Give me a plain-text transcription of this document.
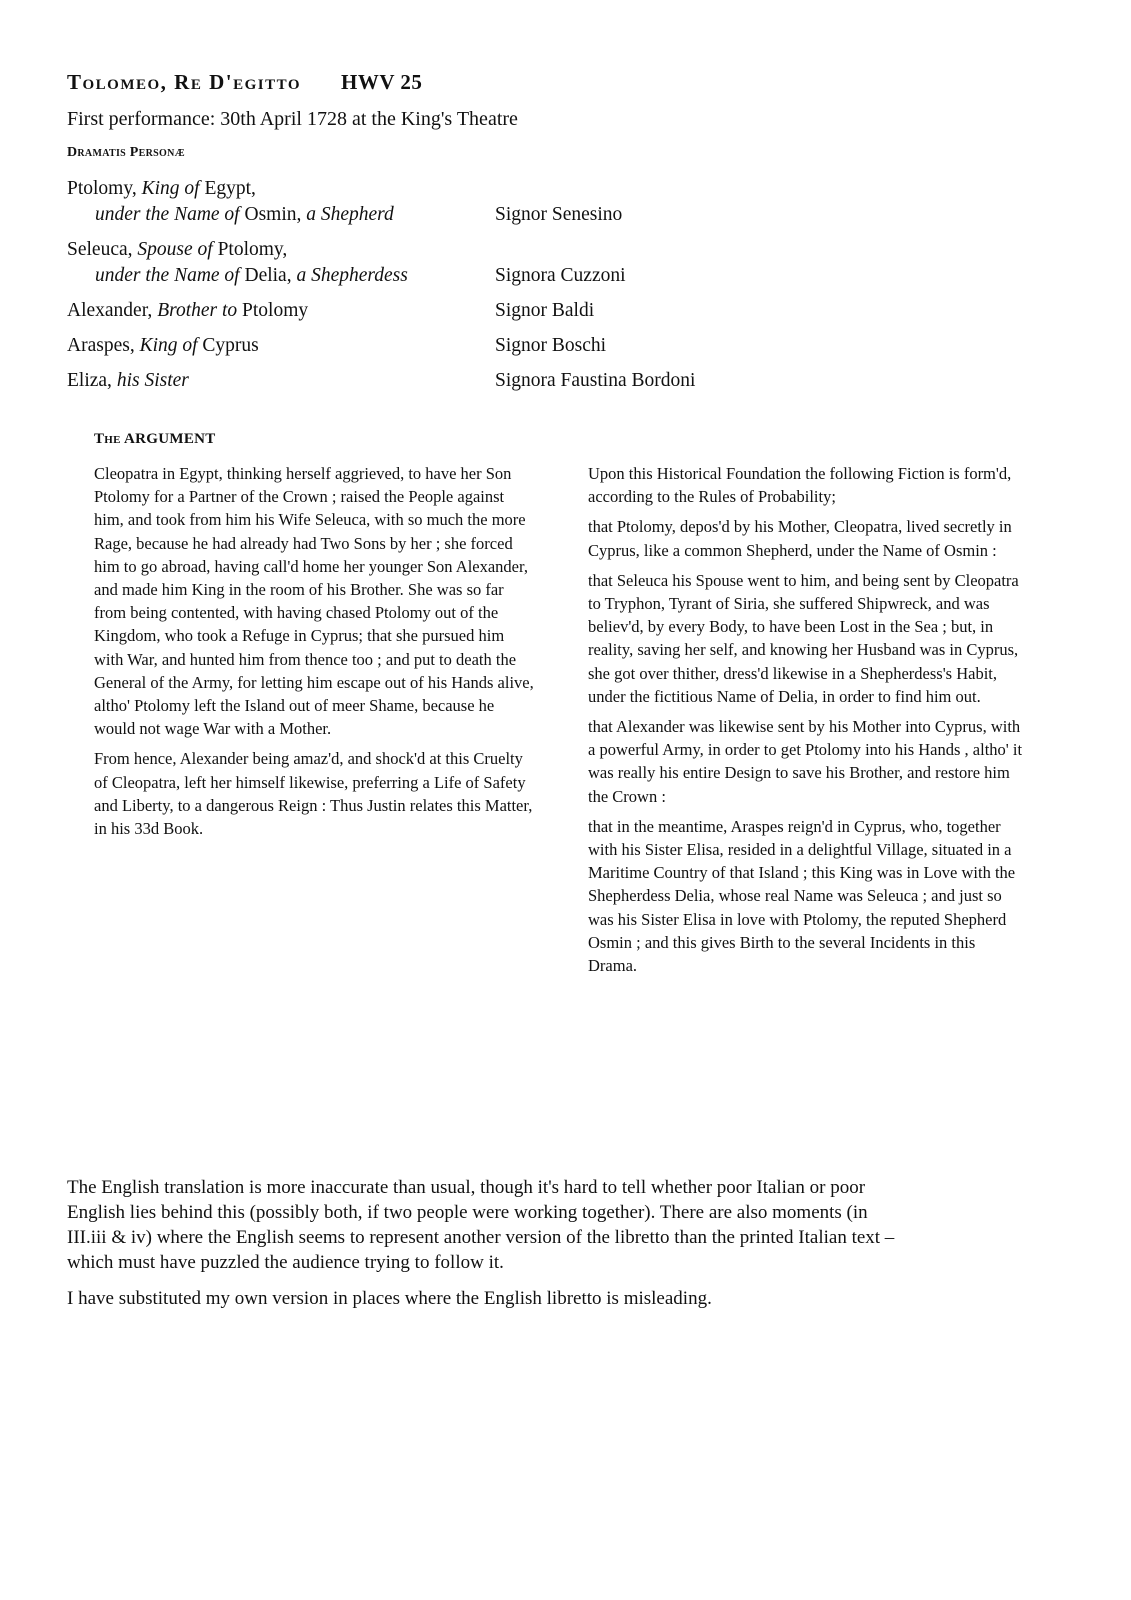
Tolomeo, Re D'egitto HWV 25

First performance: 30th April 1728 at the King's Theatre

Dramatis Personæ
Ptolomy, King of Egypt,
under the Name of Osmin, a Shepherd	Signor Senesino
Seleuca, Spouse of Ptolomy,
under the Name of Delia, a Shepherdess	Signora Cuzzoni
Alexander, Brother to Ptolomy	Signor Baldi
Araspes, King of Cyprus	Signor Boschi
Eliza, his Sister	Signora Faustina Bordoni
The ARGUMENT

Cleopatra in Egypt, thinking herself aggrieved, to have her Son Ptolomy for a Partner of the Crown ; raised the People against him, and took from him his Wife Seleuca, with so much the more Rage, because he had already had Two Sons by her ; she forced him to go abroad, having call'd home her younger Son Alexander, and made him King in the room of his Brother. She was so far from being contented, with having chased Ptolomy out of the Kingdom, who took a Refuge in Cyprus; that she pursued him with War, and hunted him from thence too ; and put to death the General of the Army, for letting him escape out of his Hands alive, altho' Ptolomy left the Island out of meer Shame, because he would not wage War with a Mother.

From hence, Alexander being amaz'd, and shock'd at this Cruelty of Cleopatra, left her himself likewise, preferring a Life of Safety and Liberty, to a dangerous Reign : Thus Justin relates this Matter, in his 33d Book.

Upon this Historical Foundation the following Fiction is form'd, according to the Rules of Probability;

that Ptolomy, depos'd by his Mother, Cleopatra, lived secretly in Cyprus, like a common Shepherd, under the Name of Osmin :

that Seleuca his Spouse went to him, and being sent by Cleopatra to Tryphon, Tyrant of Siria, she suffered Shipwreck, and was believ'd, by every Body, to have been Lost in the Sea ; but, in reality, saving her self, and knowing her Husband was in Cyprus, she got over thither, dress'd likewise in a Shepherdess's Habit, under the fictitious Name of Delia, in order to find him out.

that Alexander was likewise sent by his Mother into Cyprus, with a powerful Army, in order to get Ptolomy into his Hands , altho' it was really his entire Design to save his Brother, and restore him the Crown :

that in the meantime, Araspes reign'd in Cyprus, who, together with his Sister Elisa, resided in a delightful Village, situated in a Maritime Country of that Island ; this King was in Love with the Shepherdess Delia, whose real Name was Seleuca ; and just so was his Sister Elisa in love with Ptolomy, the reputed Shepherd Osmin ; and this gives Birth to the several Incidents in this Drama.

The English translation is more inaccurate than usual, though it's hard to tell whether poor Italian or poor English lies behind this (possibly both, if two people were working together). There are also moments (in III.iii & iv) where the English seems to represent another version of the libretto than the printed Italian text – which must have puzzled the audience trying to follow it.

I have substituted my own version in places where the English libretto is misleading.
